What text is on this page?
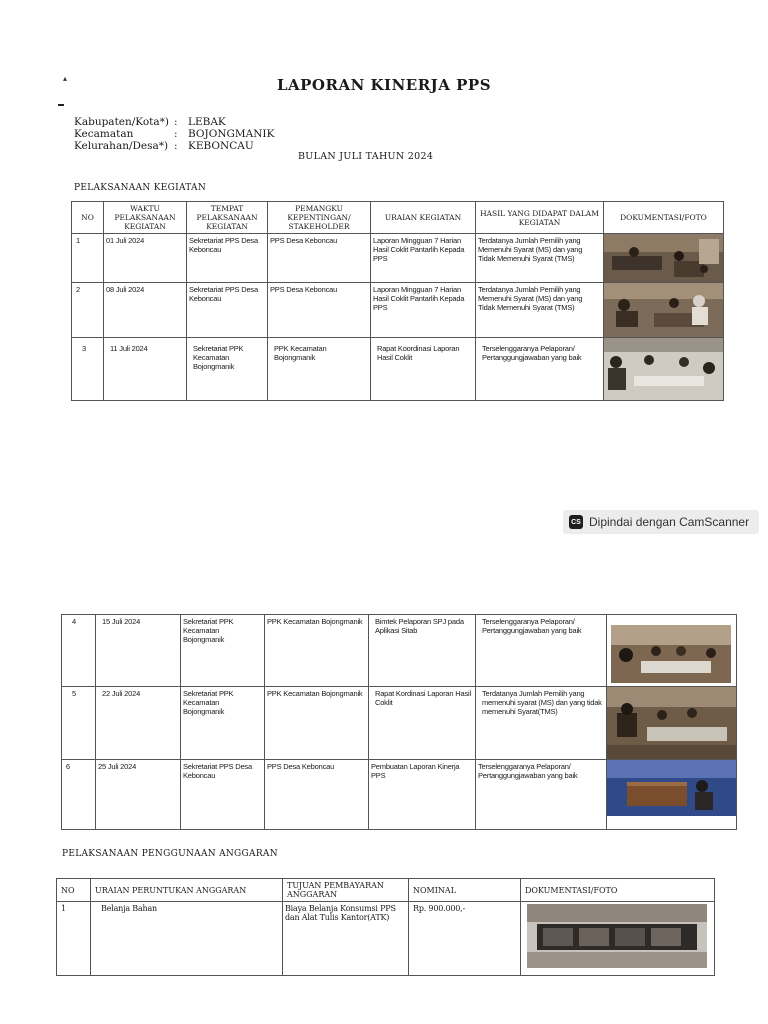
▴	LAPORAN KINERJA PPS
Kabupaten/Kota*) : LEBAK
Kecamatan	: BOJONGMANIK
Kelurahan/Desa*) : KEBONCAU
BULAN JULI TAHUN 2024
PELAKSANAAN KEGIATAN
NO	WAKTU PELAKSANAAN KEGIATAN	TEMPAT PELAKSANAAN KEGIATAN	PEMANGKU KEPENTINGAN/ STAKEHOLDER	URAIAN KEGIATAN	HASIL YANG DIDAPAT DALAM KEGIATAN	DOKUMENTASI/FOTO
1	01 Juli 2024	Sekretariat PPS Desa Keboncau	PPS Desa Keboncau	Laporan Mingguan 7 Harian Hasil Coklit Pantarlih Kepada PPS	Terdatanya Jumlah Pemilih yang Memenuhi Syarat (MS) dan yang Tidak Memenuhi Syarat (TMS)	

2	08 Juli 2024	Sekretariat PPS Desa Keboncau	PPS Desa Keboncau	Laporan Mingguan 7 Harian Hasil Coklit Pantarlih Kepada PPS	Terdatanya Jumlah Pemilih yang Memenuhi Syarat (MS) dan yang Tidak Memenuhi Syarat (TMS)	

3	11 Juli 2024	Sekretariat PPK Kecamatan Bojongmanik	PPK Kecamatan Bojongmanik	Rapat Koordinasi Laporan Hasil Coklit	Terselenggaranya Pelaporan/ Pertanggungjawaban yang baik	
CS Dipindai dengan CamScanner
4	15 Juli 2024	Sekretariat PPK Kecamatan Bojongmanik	PPK Kecamatan Bojongmanik	Bimtek Pelaporan SPJ pada Aplikasi Sitab	Terselenggaranya Pelaporan/ Pertanggungjawaban yang baik	

5	22 Juli 2024	Sekretariat PPK Kecamatan Bojongmanik	PPK Kecamatan Bojongmanik	Rapat Kordinasi Laporan Hasil Coklit	Terdatanya Jumlah Pemilih yang memenuhi syarat (MS) dan yang tidak memenuhi Syarat(TMS)	

6	25 Juli 2024	Sekretariat PPS Desa Keboncau	PPS Desa Keboncau	Pembuatan Laporan Kinerja PPS	Terselenggaranya Pelaporan/ Pertanggungjawaban yang baik	
PELAKSANAAN PENGGUNAAN ANGGARAN
NO	URAIAN PERUNTUKAN ANGGARAN	TUJUAN PEMBAYARAN ANGGARAN	NOMINAL	DOKUMENTASI/FOTO
1	Belanja Bahan	Biaya Belanja Konsumsi PPS dan Alat Tulis Kantor(ATK)	Rp. 900.000,-	
